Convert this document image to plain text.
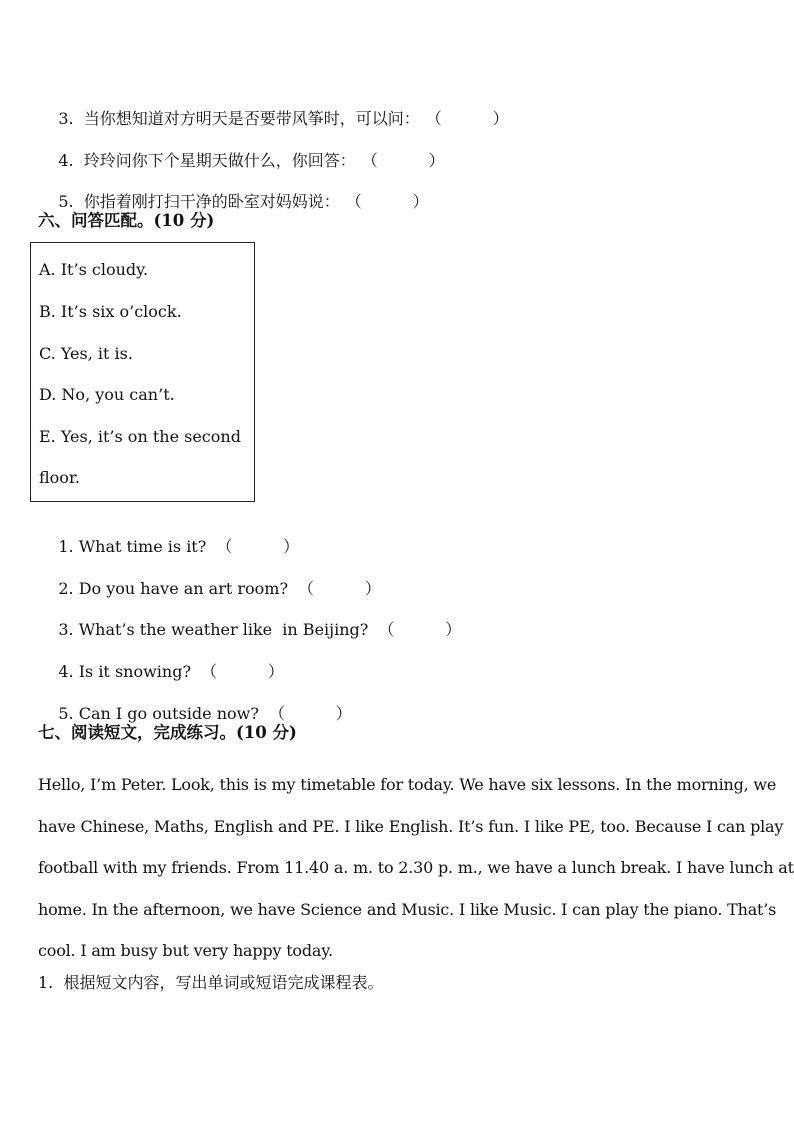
3.  当你想知道对方明天是否要带风筝时，可以问： （          ）

4.  玲玲问你下个星期天做什么，你回答： （          ）

5.  你指着刚打扫干净的卧室对妈妈说： （          ）

六、问答匹配。(10 分)
A. It’s cloudy.
B. It’s six o’clock.
C. Yes, it is.
D. No, you can’t.
E. Yes, it’s on the second
floor.

1. What time is it? （          ）

2. Do you have an art room? （          ）

3. What’s the weather like  in Beijing? （          ）

4. Is it snowing? （          ）

5. Can I go outside now? （          ）

七、阅读短文，完成练习。(10 分)
Hello, I’m Peter. Look, this is my timetable for today. We have six lessons. In the morning, we
have Chinese, Maths, English and PE. I like English. It’s fun. I like PE, too. Because I can play
football with my friends. From 11.40 a. m. to 2.30 p. m., we have a lunch break. I have lunch at
home. In the afternoon, we have Science and Music. I like Music. I can play the piano. That’s
cool. I am busy but very happy today.
1.  根据短文内容，写出单词或短语完成课程表。
